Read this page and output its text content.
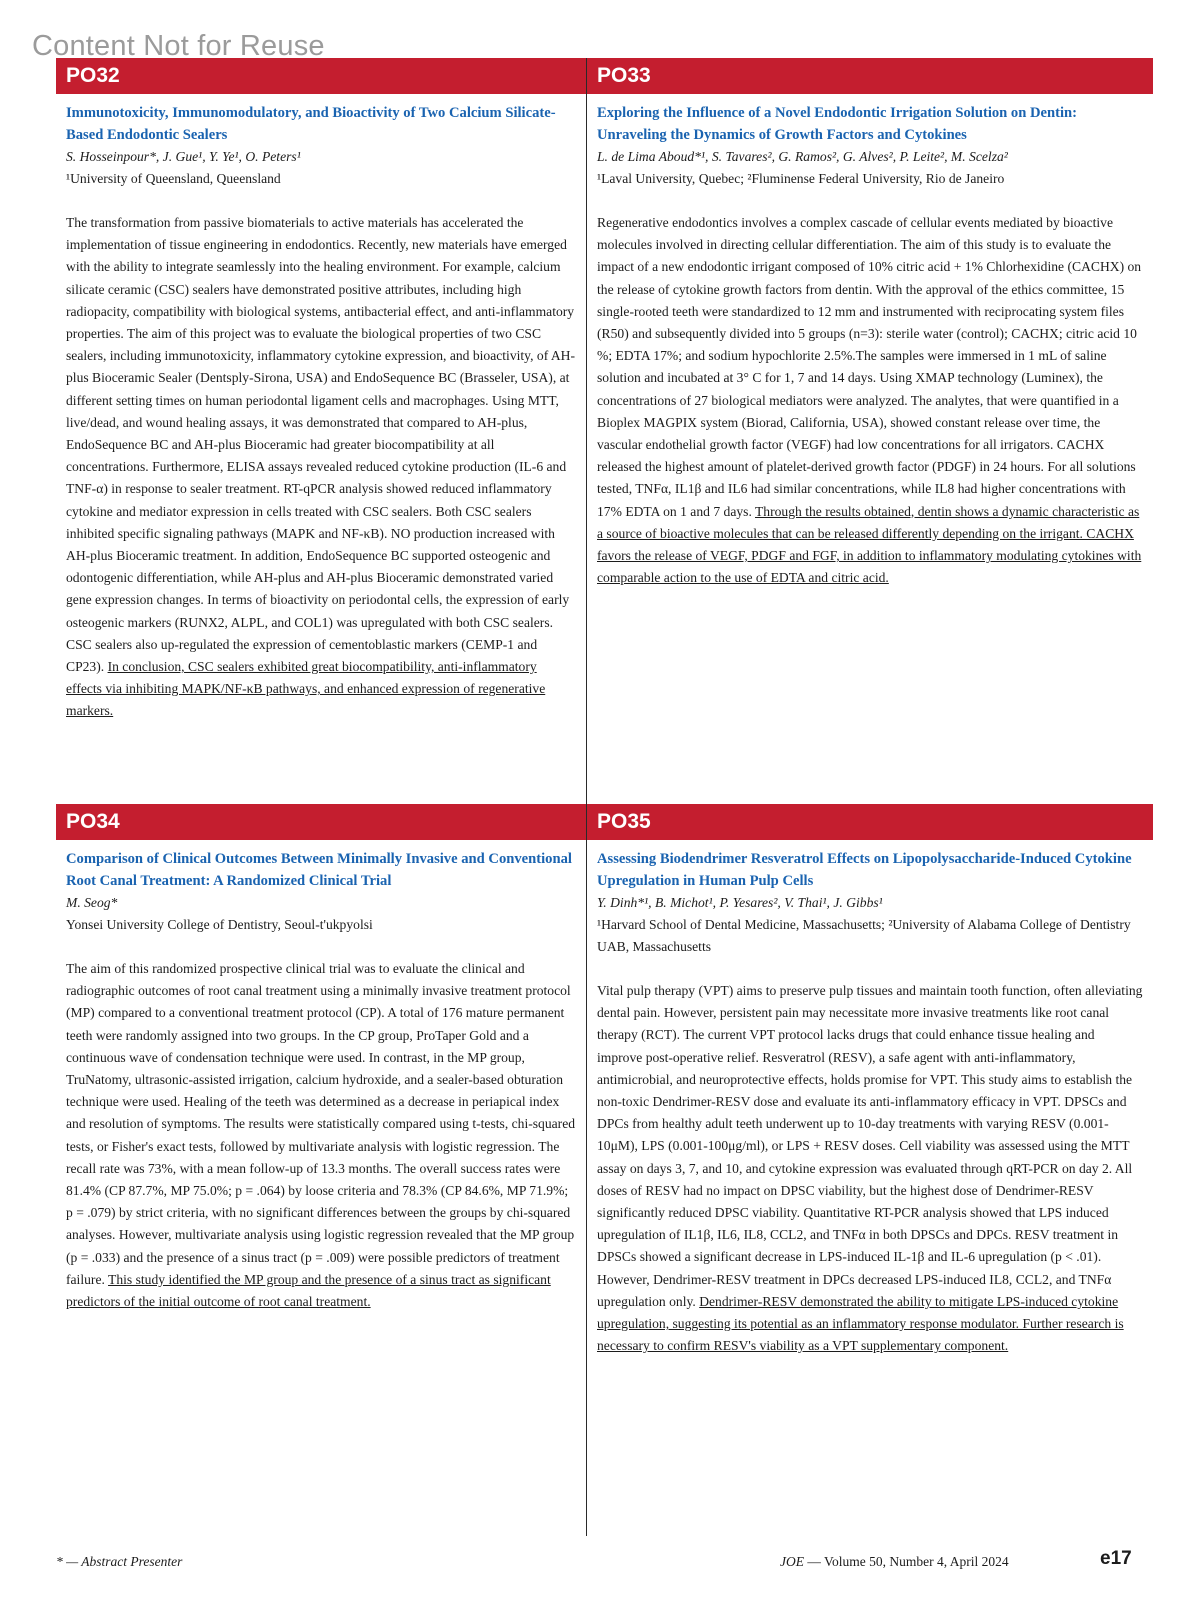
Content Not for Reuse

PO32

Immunotoxicity, Immunomodulatory, and Bioactivity of Two Calcium Silicate-Based Endodontic Sealers

S. Hosseinpour*, J. Gue¹, Y. Ye¹, O. Peters¹

¹University of Queensland, Queensland

The transformation from passive biomaterials to active materials has accelerated the implementation of tissue engineering in endodontics. Recently, new materials have emerged with the ability to integrate seamlessly into the healing environment. For example, calcium silicate ceramic (CSC) sealers have demonstrated positive attributes, including high radiopacity, compatibility with biological systems, antibacterial effect, and anti-inflammatory properties. The aim of this project was to evaluate the biological properties of two CSC sealers, including immunotoxicity, inflammatory cytokine expression, and bioactivity, of AH-plus Bioceramic Sealer (Dentsply-Sirona, USA) and EndoSequence BC (Brasseler, USA), at different setting times on human periodontal ligament cells and macrophages. Using MTT, live/dead, and wound healing assays, it was demonstrated that compared to AH-plus, EndoSequence BC and AH-plus Bioceramic had greater biocompatibility at all concentrations. Furthermore, ELISA assays revealed reduced cytokine production (IL-6 and TNF-α) in response to sealer treatment. RT-qPCR analysis showed reduced inflammatory cytokine and mediator expression in cells treated with CSC sealers. Both CSC sealers inhibited specific signaling pathways (MAPK and NF-κB). NO production increased with AH-plus Bioceramic treatment. In addition, EndoSequence BC supported osteogenic and odontogenic differentiation, while AH-plus and AH-plus Bioceramic demonstrated varied gene expression changes. In terms of bioactivity on periodontal cells, the expression of early osteogenic markers (RUNX2, ALPL, and COL1) was upregulated with both CSC sealers. CSC sealers also up-regulated the expression of cementoblastic markers (CEMP-1 and CP23). In conclusion, CSC sealers exhibited great biocompatibility, anti-inflammatory effects via inhibiting MAPK/NF-κB pathways, and enhanced expression of regenerative markers.

PO33

Exploring the Influence of a Novel Endodontic Irrigation Solution on Dentin: Unraveling the Dynamics of Growth Factors and Cytokines

L. de Lima Aboud*¹, S. Tavares², G. Ramos², G. Alves², P. Leite², M. Scelza²

¹Laval University, Quebec; ²Fluminense Federal University, Rio de Janeiro

Regenerative endodontics involves a complex cascade of cellular events mediated by bioactive molecules involved in directing cellular differentiation. The aim of this study is to evaluate the impact of a new endodontic irrigant composed of 10% citric acid + 1% Chlorhexidine (CACHX) on the release of cytokine growth factors from dentin. With the approval of the ethics committee, 15 single-rooted teeth were standardized to 12 mm and instrumented with reciprocating system files (R50) and subsequently divided into 5 groups (n=3): sterile water (control); CACHX; citric acid 10 %; EDTA 17%; and sodium hypochlorite 2.5%.The samples were immersed in 1 mL of saline solution and incubated at 3° C for 1, 7 and 14 days. Using XMAP technology (Luminex), the concentrations of 27 biological mediators were analyzed. The analytes, that were quantified in a Bioplex MAGPIX system (Biorad, California, USA), showed constant release over time, the vascular endothelial growth factor (VEGF) had low concentrations for all irrigators. CACHX released the highest amount of platelet-derived growth factor (PDGF) in 24 hours. For all solutions tested, TNFα, IL1β and IL6 had similar concentrations, while IL8 had higher concentrations with 17% EDTA on 1 and 7 days. Through the results obtained, dentin shows a dynamic characteristic as a source of bioactive molecules that can be released differently depending on the irrigant. CACHX favors the release of VEGF, PDGF and FGF, in addition to inflammatory modulating cytokines with comparable action to the use of EDTA and citric acid.

PO34

Comparison of Clinical Outcomes Between Minimally Invasive and Conventional Root Canal Treatment: A Randomized Clinical Trial

M. Seog*

Yonsei University College of Dentistry, Seoul-t'ukpyolsi

The aim of this randomized prospective clinical trial was to evaluate the clinical and radiographic outcomes of root canal treatment using a minimally invasive treatment protocol (MP) compared to a conventional treatment protocol (CP). A total of 176 mature permanent teeth were randomly assigned into two groups. In the CP group, ProTaper Gold and a continuous wave of condensation technique were used. In contrast, in the MP group, TruNatomy, ultrasonic-assisted irrigation, calcium hydroxide, and a sealer-based obturation technique were used. Healing of the teeth was determined as a decrease in periapical index and resolution of symptoms. The results were statistically compared using t-tests, chi-squared tests, or Fisher's exact tests, followed by multivariate analysis with logistic regression. The recall rate was 73%, with a mean follow-up of 13.3 months. The overall success rates were 81.4% (CP 87.7%, MP 75.0%; p = .064) by loose criteria and 78.3% (CP 84.6%, MP 71.9%; p = .079) by strict criteria, with no significant differences between the groups by chi-squared analyses. However, multivariate analysis using logistic regression revealed that the MP group (p = .033) and the presence of a sinus tract (p = .009) were possible predictors of treatment failure. This study identified the MP group and the presence of a sinus tract as significant predictors of the initial outcome of root canal treatment.

PO35

Assessing Biodendrimer Resveratrol Effects on Lipopolysaccharide-Induced Cytokine Upregulation in Human Pulp Cells

Y. Dinh*¹, B. Michot¹, P. Yesares², V. Thai¹, J. Gibbs¹

¹Harvard School of Dental Medicine, Massachusetts; ²University of Alabama College of Dentistry UAB, Massachusetts

Vital pulp therapy (VPT) aims to preserve pulp tissues and maintain tooth function, often alleviating dental pain. However, persistent pain may necessitate more invasive treatments like root canal therapy (RCT). The current VPT protocol lacks drugs that could enhance tissue healing and improve post-operative relief. Resveratrol (RESV), a safe agent with anti-inflammatory, antimicrobial, and neuroprotective effects, holds promise for VPT. This study aims to establish the non-toxic Dendrimer-RESV dose and evaluate its anti-inflammatory efficacy in VPT. DPSCs and DPCs from healthy adult teeth underwent up to 10-day treatments with varying RESV (0.001-10μM), LPS (0.001-100μg/ml), or LPS + RESV doses. Cell viability was assessed using the MTT assay on days 3, 7, and 10, and cytokine expression was evaluated through qRT-PCR on day 2. All doses of RESV had no impact on DPSC viability, but the highest dose of Dendrimer-RESV significantly reduced DPSC viability. Quantitative RT-PCR analysis showed that LPS induced upregulation of IL1β, IL6, IL8, CCL2, and TNFα in both DPSCs and DPCs. RESV treatment in DPSCs showed a significant decrease in LPS-induced IL-1β and IL-6 upregulation (p < .01). However, Dendrimer-RESV treatment in DPCs decreased LPS-induced IL8, CCL2, and TNFα upregulation only. Dendrimer-RESV demonstrated the ability to mitigate LPS-induced cytokine upregulation, suggesting its potential as an inflammatory response modulator. Further research is necessary to confirm RESV's viability as a VPT supplementary component.

* — Abstract Presenter	JOE — Volume 50, Number 4, April 2024	e17
